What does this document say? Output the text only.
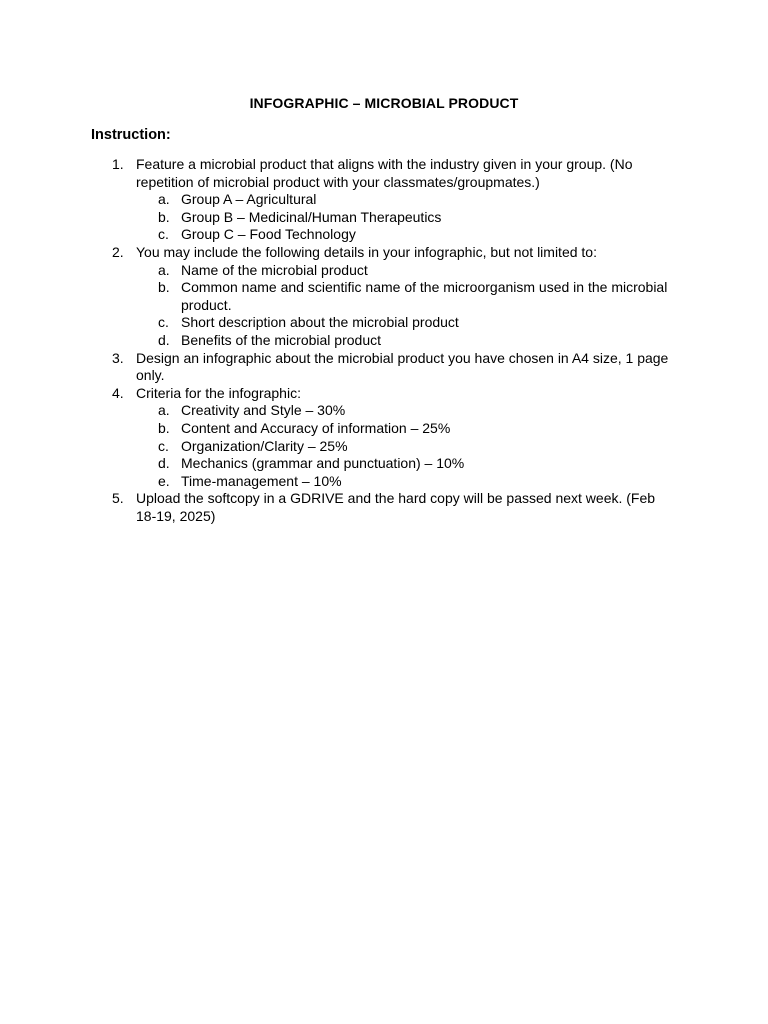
INFOGRAPHIC – MICROBIAL PRODUCT
Instruction:
1. Feature a microbial product that aligns with the industry given in your group. (No repetition of microbial product with your classmates/groupmates.)
a. Group A – Agricultural
b. Group B – Medicinal/Human Therapeutics
c. Group C – Food Technology
2. You may include the following details in your infographic, but not limited to:
a. Name of the microbial product
b. Common name and scientific name of the microorganism used in the microbial product.
c. Short description about the microbial product
d. Benefits of the microbial product
3. Design an infographic about the microbial product you have chosen in A4 size, 1 page only.
4. Criteria for the infographic:
a. Creativity and Style – 30%
b. Content and Accuracy of information – 25%
c. Organization/Clarity – 25%
d. Mechanics (grammar and punctuation) – 10%
e. Time-management – 10%
5. Upload the softcopy in a GDRIVE and the hard copy will be passed next week. (Feb 18-19, 2025)
